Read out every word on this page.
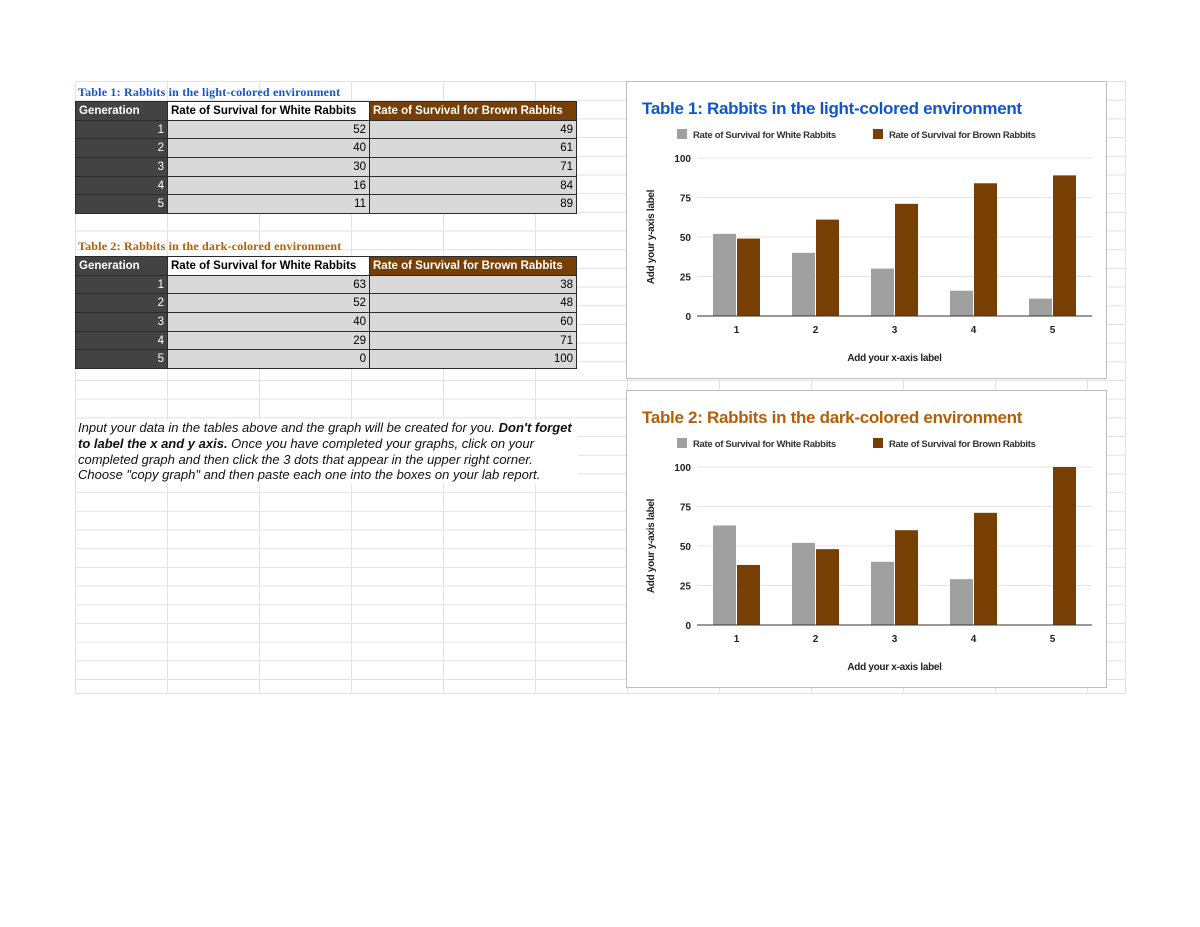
Table 1: Rabbits in the light-colored environment
Generation	Rate of Survival for White Rabbits	Rate of Survival for Brown Rabbits
1	52	49
2	40	61
3	30	71
4	16	84
5	11	89
Table 2: Rabbits in the dark-colored environment
Generation	Rate of Survival for White Rabbits	Rate of Survival for Brown Rabbits
1	63	38
2	52	48
3	40	60
4	29	71
5	0	100
Input your data in the tables above and the graph will be created for you. Don't forget to label the x and y axis. Once you have completed your graphs, click on your completed graph and then click the 3 dots that appear in the upper right corner. Choose "copy graph" and then paste each one into the boxes on your lab report.
Table 1: Rabbits in the light-colored environment
Rate of Survival for White Rabbits	Rate of Survival for Brown Rabbits
0
25
50
75
100
1	2	3	4	5
Add your x-axis label
Add your y-axis label
Table 2: Rabbits in the dark-colored environment
Rate of Survival for White Rabbits	Rate of Survival for Brown Rabbits
0
25
50
75
100
1	2	3	4	5
Add your x-axis label
Add your y-axis label
